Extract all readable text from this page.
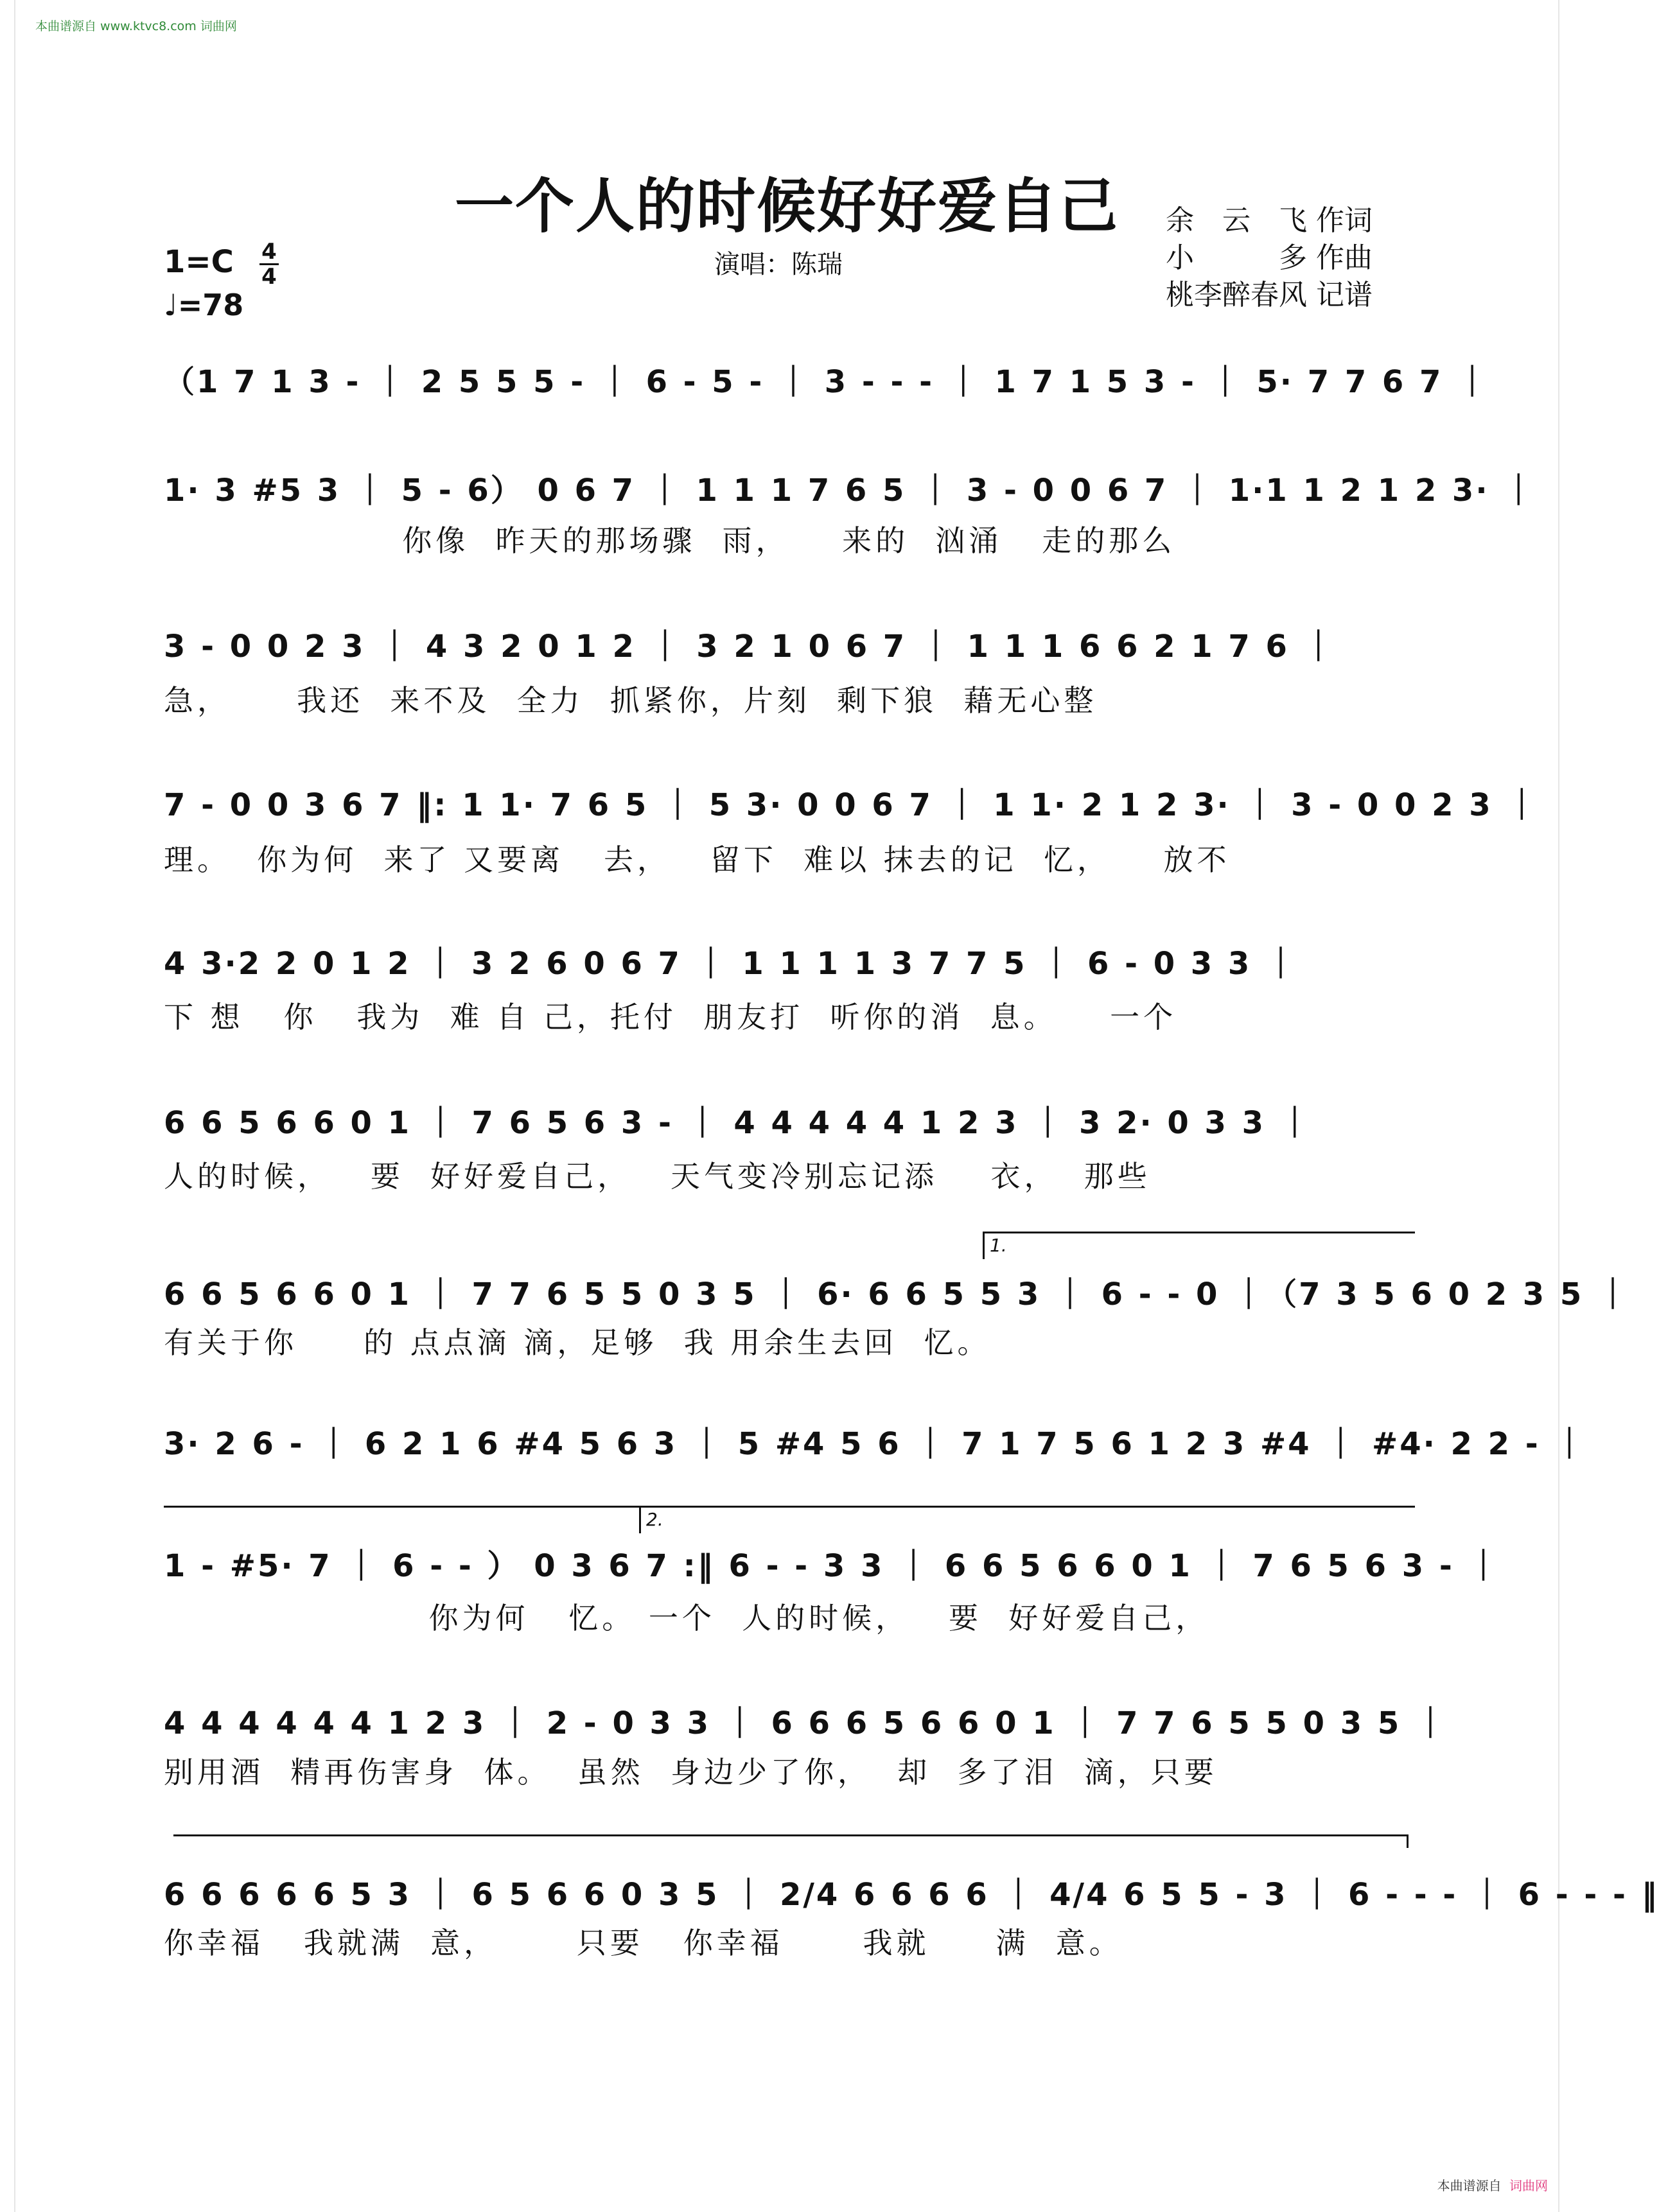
本曲谱源自 www.ktvc8.com 词曲网
一个人的时候好好爱自己	余　云　飞 作词
小　　　多 作曲
桃李醉春风 记谱
演唱：陈瑞
1=C 4
4
♩=78
（1 7 1 3 - ｜ 2 5 5 5 - ｜ 6 - 5 - ｜ 3 - - - ｜ 1 7 1 5 3 - ｜ 5· 7 7 6 7 ｜
1· 3 #5 3 ｜ 5 - 6） 0 6 7 ｜ 1 1 1 7 6 5 ｜ 3 - 0 0 6 7 ｜ 1·1 1 2 1 2 3· ｜
你像  昨天的那场骤  雨，    来的  汹涌   走的那么
3 - 0 0 2 3 ｜ 4 3 2 0 1 2 ｜ 3 2 1 0 6 7 ｜ 1 1 1 6 6 2 1 7 6 ｜
急，     我还  来不及  全力  抓紧你，片刻  剩下狼  藉无心整
7 - 0 0 3 6 7 ‖: 1 1· 7 6 5 ｜ 5 3· 0 0 6 7 ｜ 1 1· 2 1 2 3· ｜ 3 - 0 0 2 3 ｜
理。  你为何  来了 又要离   去，   留下  难以 抹去的记  忆，    放不
4 3·2 2 0 1 2 ｜ 3 2 6 0 6 7 ｜ 1 1 1 1 3 7 7 5 ｜ 6 - 0 3 3 ｜
下 想   你   我为  难 自 己，托付  朋友打  听你的消  息。    一个
6 6 5 6 6 0 1 ｜ 7 6 5 6 3 - ｜ 4 4 4 4 4 1 2 3 ｜ 3 2· 0 3 3 ｜
人的时候，   要  好好爱自己，   天气变冷别忘记添    衣，  那些
1.
6 6 5 6 6 0 1 ｜ 7 7 6 5 5 0 3 5 ｜ 6· 6 6 5 5 3 ｜ 6 - - 0 ｜（7 3 5 6 0 2 3 5 ｜
有关于你     的 点点滴 滴，足够  我 用余生去回  忆。
3· 2 6 - ｜ 6 2 1 6 #4 5 6 3 ｜ 5 #4 5 6 ｜ 7 1 7 5 6 1 2 3 #4 ｜ #4· 2 2 - ｜
2.
1 - #5· 7 ｜ 6 - - ） 0 3 6 7 :‖ 6 - - 3 3 ｜ 6 6 5 6 6 0 1 ｜ 7 6 5 6 3 - ｜
你为何   忆。 一个  人的时候，   要  好好爱自己，
4 4 4 4 4 4 1 2 3 ｜ 2 - 0 3 3 ｜ 6 6 6 5 6 6 0 1 ｜ 7 7 6 5 5 0 3 5 ｜
别用酒  精再伤害身  体。  虽然  身边少了你，  却  多了泪  滴，只要
6 6 6 6 6 5 3 ｜ 6 5 6 6 0 3 5 ｜ 2/4 6 6 6 6 ｜ 4/4 6 5 5 - 3 ｜ 6 - - - ｜ 6 - - - ‖
你幸福   我就满  意，      只要   你幸福      我就     满  意。
本曲谱源自 词曲网
